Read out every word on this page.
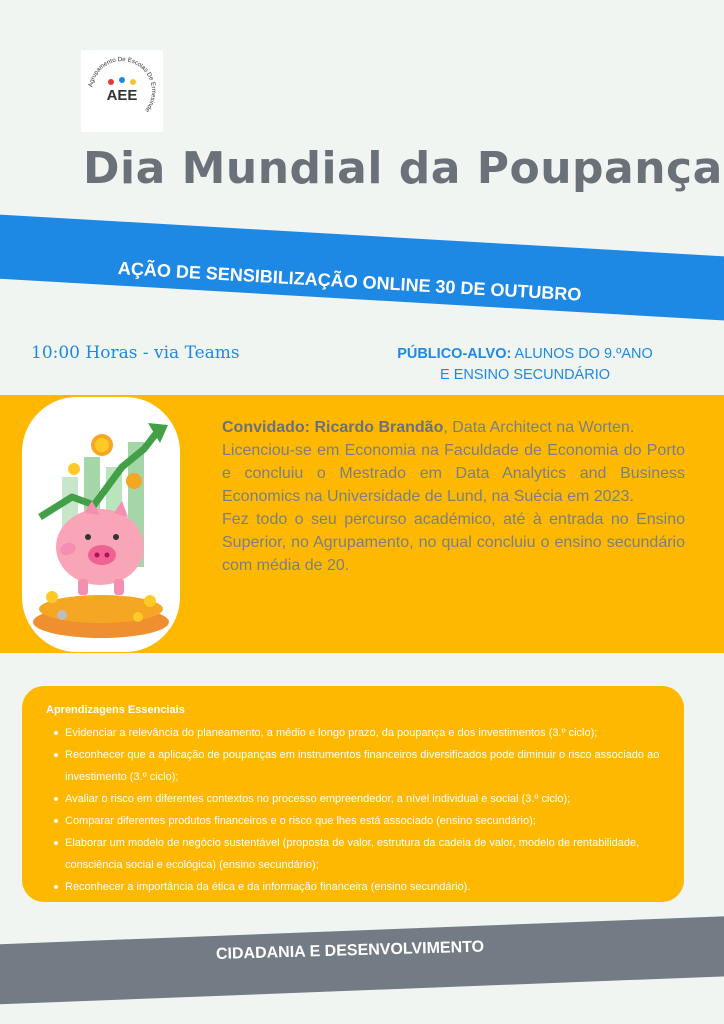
Agrupamento De Escolas De Ermesinde
AEE
Dia Mundial da Poupança
AÇÃO DE SENSIBILIZAÇÃO ONLINE 30 DE OUTUBRO
10:00 Horas - via Teams	PÚBLICO-ALVO: ALUNOS DO 9.ºANO
E ENSINO SECUNDÁRIO

Convidado: Ricardo Brandão, Data Architect na Worten.

Licenciou-se em Economia na Faculdade de Economia do Porto e concluiu o Mestrado em Data Analytics and Business Economics na Universidade de Lund, na Suécia em 2023.

Fez todo o seu percurso académico, até à entrada no Ensino Superior, no Agrupamento, no qual concluiu o ensino secundário com média de 20.

Aprendizagens Essenciais
Evidenciar a relevância do planeamento, a médio e longo prazo, da poupança e dos investimentos (3.º ciclo);
Reconhecer que a aplicação de poupanças em instrumentos financeiros diversificados pode diminuir o risco associado ao investimento (3.º ciclo);
Avaliar o risco em diferentes contextos no processo empreendedor, a nível individual e social (3.º ciclo);
Comparar diferentes produtos financeiros e o risco que lhes está associado (ensino secundário);
Elaborar um modelo de negócio sustentável (proposta de valor, estrutura da cadeia de valor, modelo de rentabilidade, consciência social e ecológica) (ensino secundário);
Reconhecer a importância da ética e da informação financeira (ensino secundário).
CIDADANIA E DESENVOLVIMENTO
